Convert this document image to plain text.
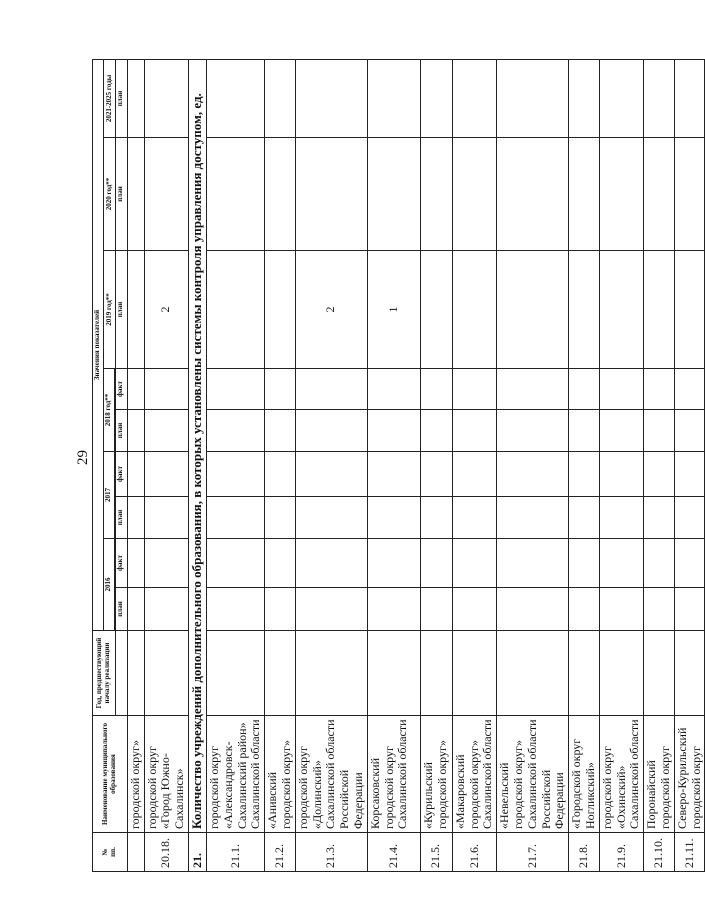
29
№
пп.	Наименование муниципального образования	Год, предшествующий началу реализации	Значения показателей								
			2016		2017		2018 год**		2019 год**	2020 год**	2021-2025 годы

			план	факт	план	факт	план	факт	план	план	план
	городской округ»										
20.18.	городской округ «Город Южно-Сахалинск»								2		
21.	Количество учреждений дополнительного образования, в которых установлены системы контроля управления доступом, ед.										
21.1.	городской округ «Александровск-Сахалинский район» Сахалинской области										
21.2.	«Анивский городской округ»										
21.3.	городской округ «Долинский» Сахалинской области Российской Федерации								2		
21.4.	Корсаковский городской округ Сахалинской области								1		
21.5.	«Курильский городской округ»										
21.6.	«Макаровский городской округ» Сахалинской области										
21.7.	«Невельский городской округ» Сахалинской области Российской Федерации										
21.8.	«Городской округ Ногликский»										
21.9.	городской округ «Охинский» Сахалинской области										
21.10.	Поронайский городской округ										
21.11.	Северо-Курильский городской округ										
